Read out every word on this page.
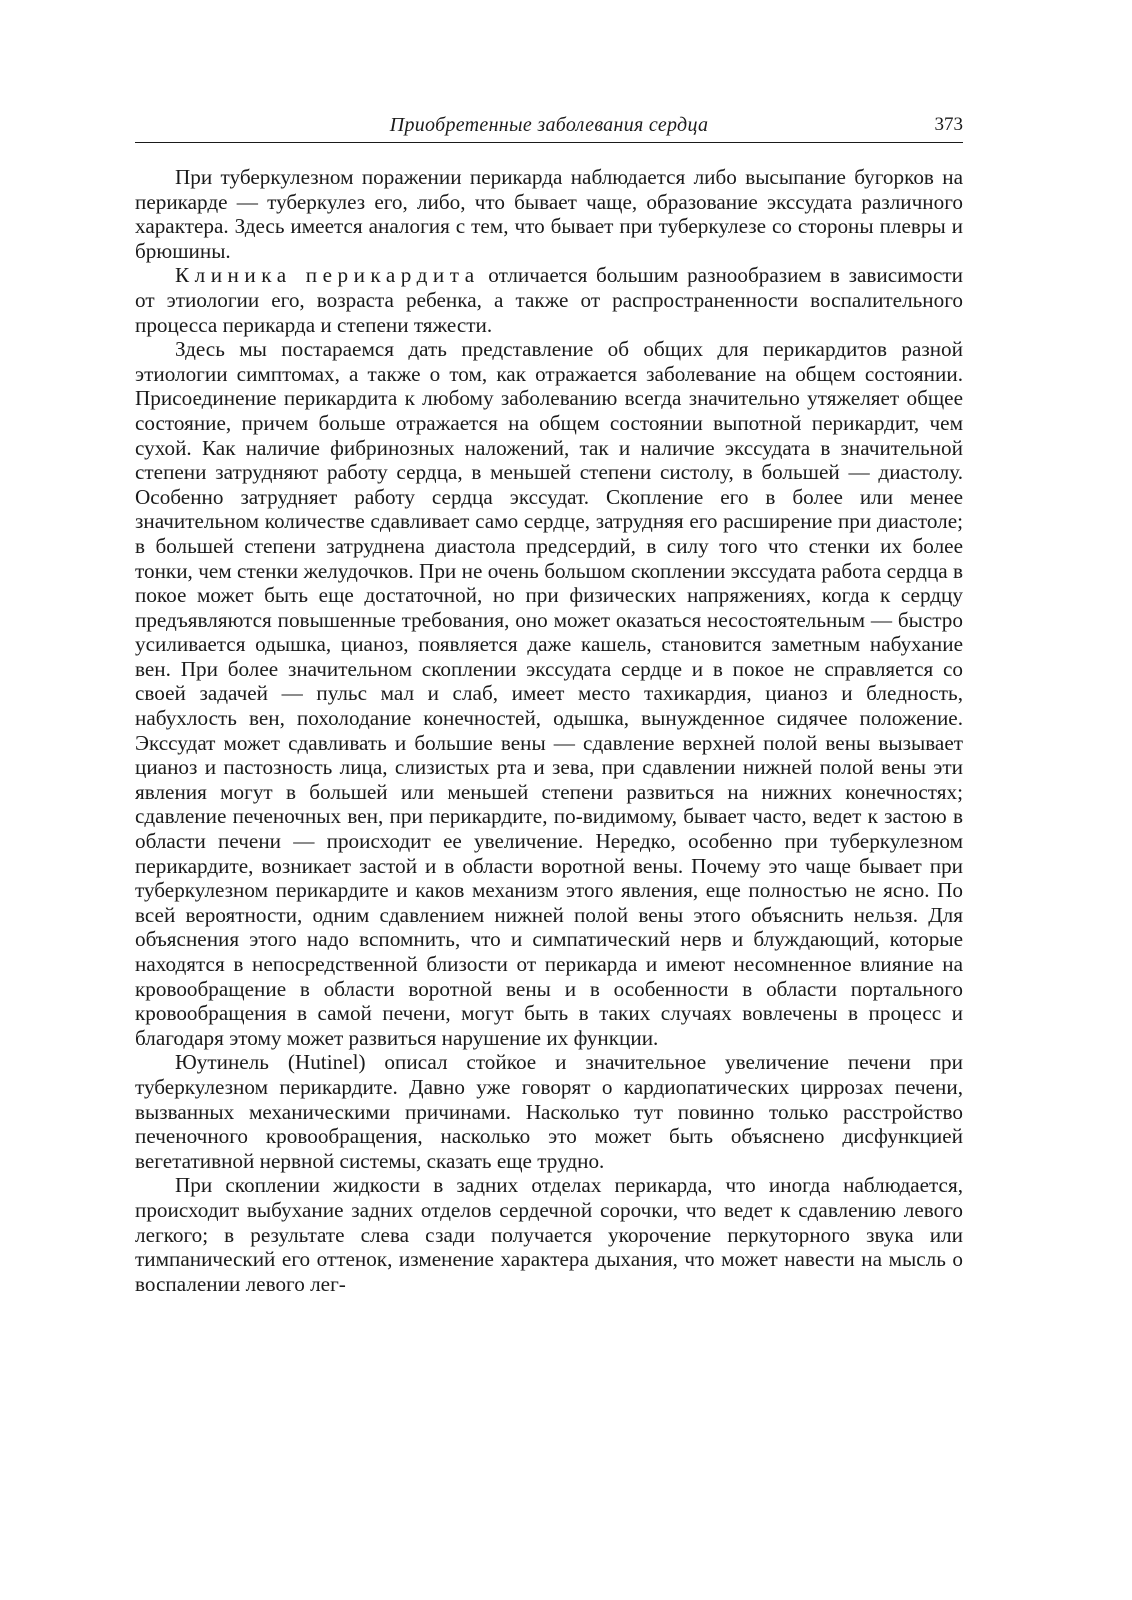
Приобретенные заболевания сердца	373

При туберкулезном поражении перикарда наблюдается либо высыпание бугорков на перикарде — туберкулез его, либо, что бывает чаще, образование экссудата различного характера. Здесь имеется аналогия с тем, что бывает при туберкулезе со стороны плевры и брюшины.

Клиника перикардита отличается большим разнообразием в зависимости от этиологии его, возраста ребенка, а также от распространенности воспалительного процесса перикарда и степени тяжести.

Здесь мы постараемся дать представление об общих для перикардитов разной этиологии симптомах, а также о том, как отражается заболевание на общем состоянии. Присоединение перикардита к любому заболеванию всегда значительно утяжеляет общее состояние, причем больше отражается на общем состоянии выпотной перикардит, чем сухой. Как наличие фибринозных наложений, так и наличие экссудата в значительной степени затрудняют работу сердца, в меньшей степени систолу, в большей — диастолу. Особенно затрудняет работу сердца экссудат. Скопление его в более или менее значительном количестве сдавливает само сердце, затрудняя его расширение при диастоле; в большей степени затруднена диастола предсердий, в силу того что стенки их более тонки, чем стенки желудочков. При не очень большом скоплении экссудата работа сердца в покое может быть еще достаточной, но при физических напряжениях, когда к сердцу предъявляются повышенные требования, оно может оказаться несостоятельным — быстро усиливается одышка, цианоз, появляется даже кашель, становится заметным набухание вен. При более значительном скоплении экссудата сердце и в покое не справляется со своей задачей — пульс мал и слаб, имеет место тахикардия, цианоз и бледность, набухлость вен, похолодание конечностей, одышка, вынужденное сидячее положение. Экссудат может сдавливать и большие вены — сдавление верхней полой вены вызывает цианоз и пастозность лица, слизистых рта и зева, при сдавлении нижней полой вены эти явления могут в большей или меньшей степени развиться на нижних конечностях; сдавление печеночных вен, при перикардите, по-видимому, бывает часто, ведет к застою в области печени — происходит ее увеличение. Нередко, особенно при туберкулезном перикардите, возникает застой и в области воротной вены. Почему это чаще бывает при туберкулезном перикардите и каков механизм этого явления, еще полностью не ясно. По всей вероятности, одним сдавлением нижней полой вены этого объяснить нельзя. Для объяснения этого надо вспомнить, что и симпатический нерв и блуждающий, которые находятся в непосредственной близости от перикарда и имеют несомненное влияние на кровообращение в области воротной вены и в особенности в области портального кровообращения в самой печени, могут быть в таких случаях вовлечены в процесс и благодаря этому может развиться нарушение их функции.

Юутинель (Hutinel) описал стойкое и значительное увеличение печени при туберкулезном перикардите. Давно уже говорят о кардиопатических циррозах печени, вызванных механическими причинами. Насколько тут повинно только расстройство печеночного кровообращения, насколько это может быть объяснено дисфункцией вегетативной нервной системы, сказать еще трудно.

При скоплении жидкости в задних отделах перикарда, что иногда наблюдается, происходит выбухание задних отделов сердечной сорочки, что ведет к сдавлению левого легкого; в результате слева сзади получается укорочение перкуторного звука или тимпанический его оттенок, изменение характера дыхания, что может навести на мысль о воспалении левого лег-
